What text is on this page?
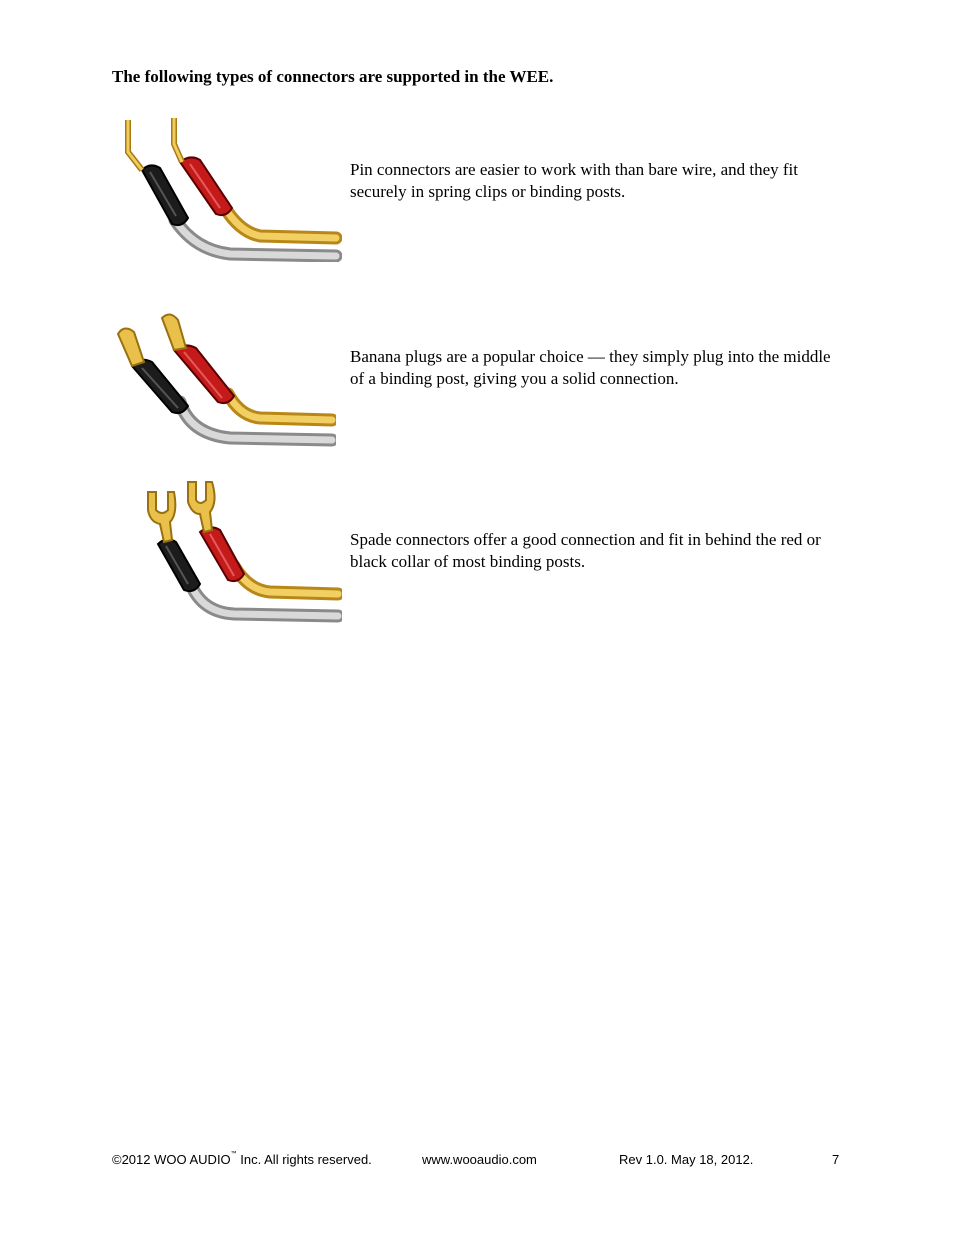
The following types of connectors are supported in the WEE.
Pin connectors are easier to work with than bare wire, and they fit securely in spring clips or binding posts.
Banana plugs are a popular choice — they simply plug into the middle of a binding post, giving you a solid connection.
Spade connectors offer a good connection and fit in behind the red or black collar of most binding posts.
©2012 WOO AUDIO™ Inc. All rights reserved.	www.wooaudio.com	Rev 1.0. May 18, 2012.	7
